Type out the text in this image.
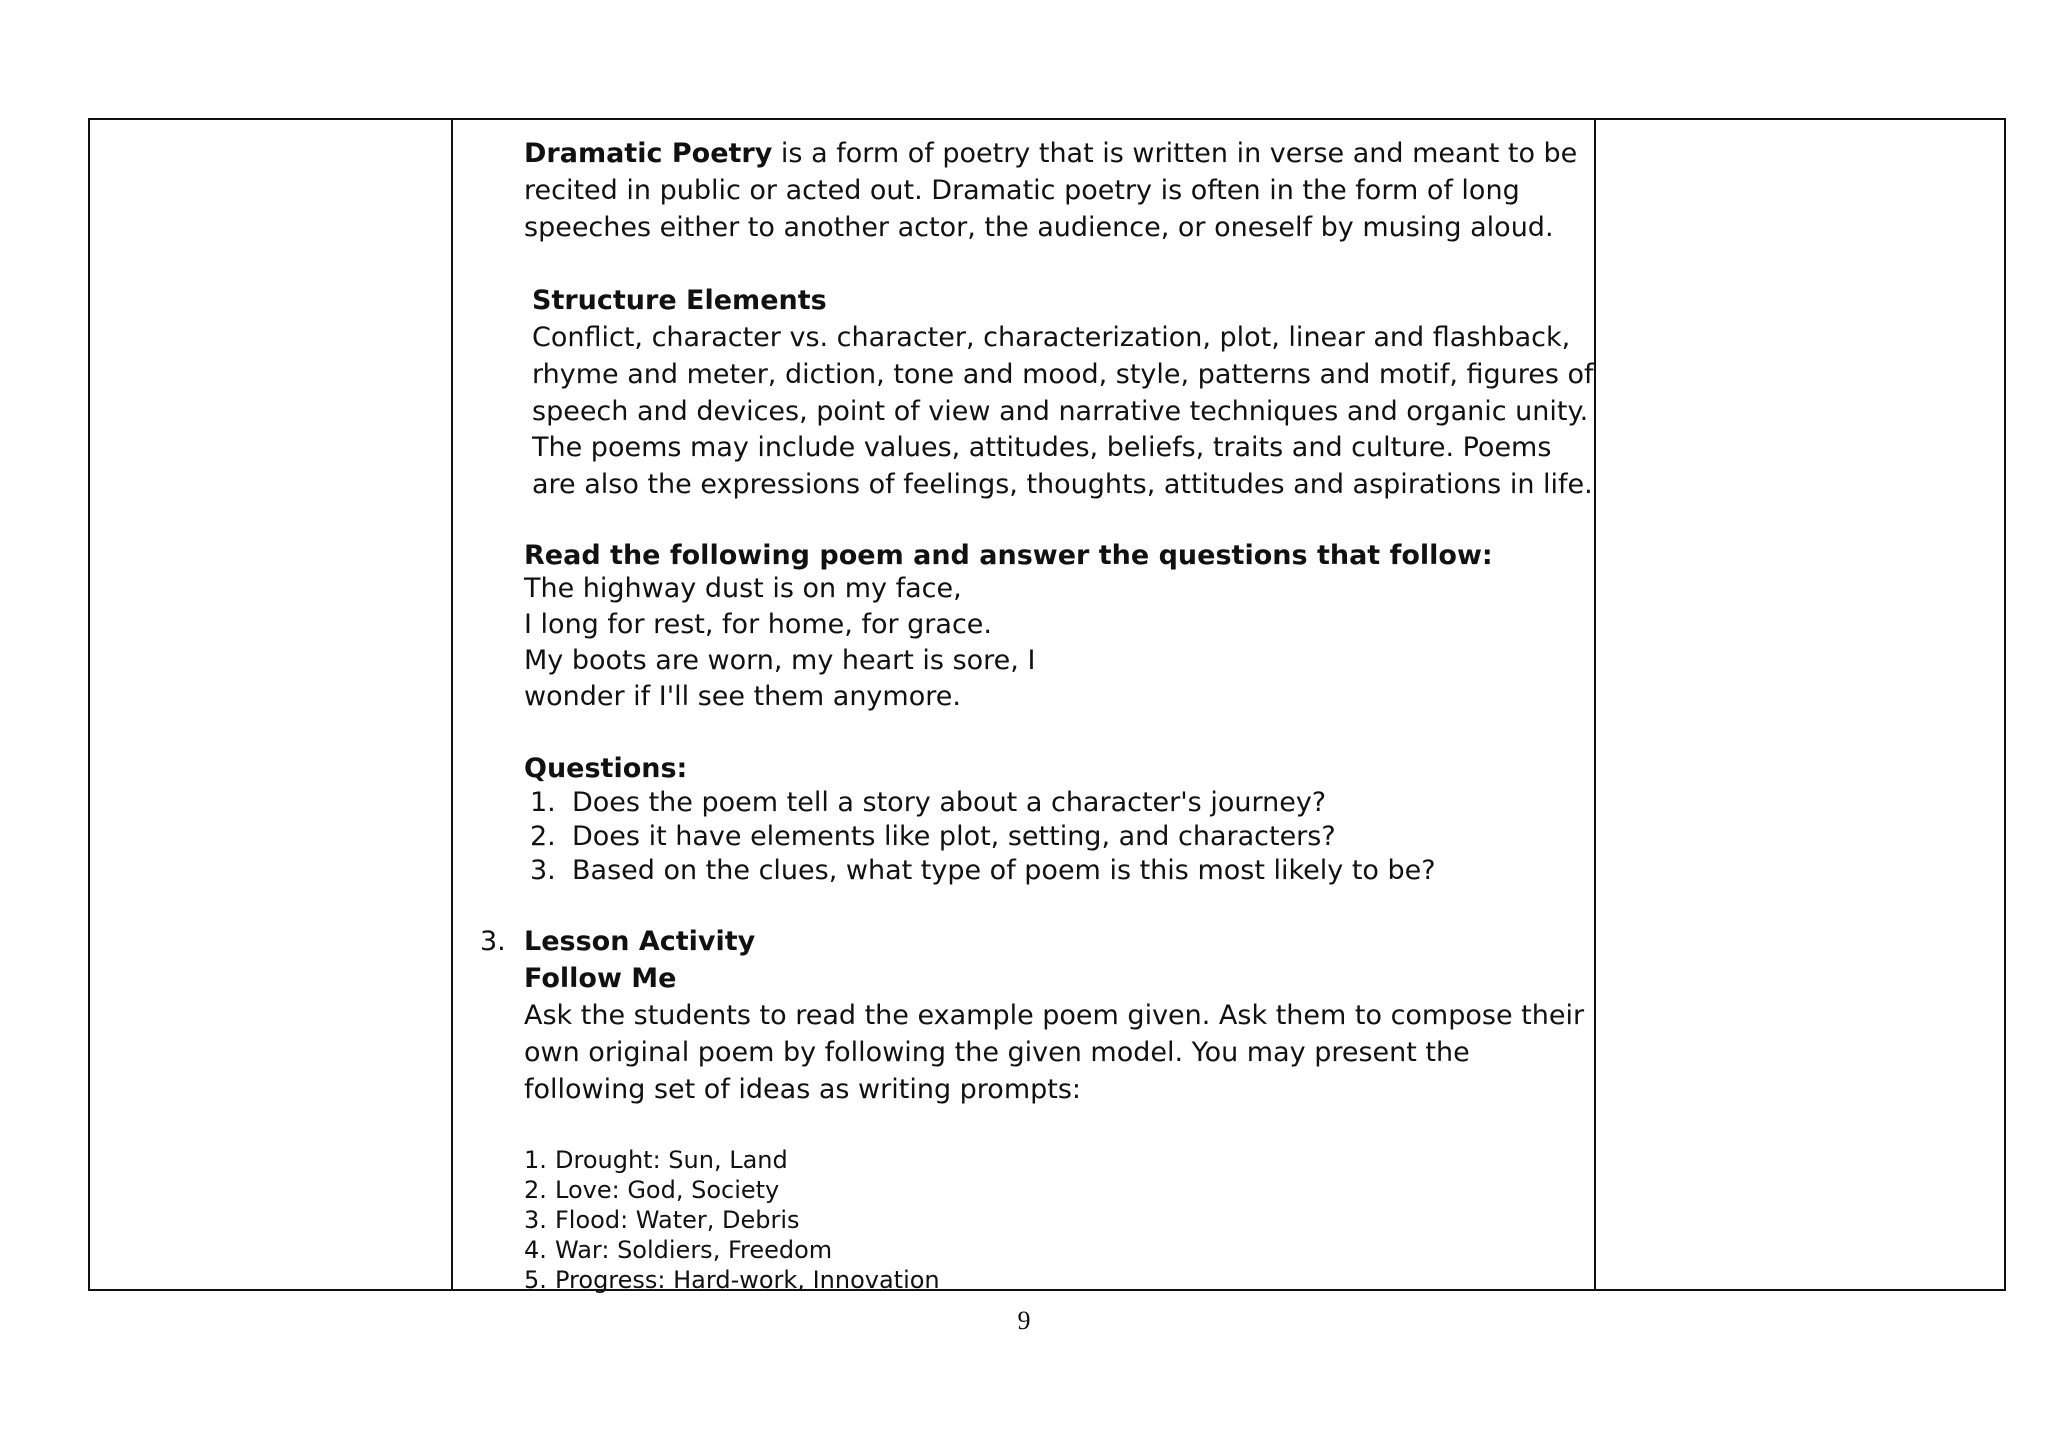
Dramatic Poetry is a form of poetry that is written in verse and meant to be recited in public or acted out. Dramatic poetry is often in the form of long speeches either to another actor, the audience, or oneself by musing aloud.

Structure Elements

Conflict, character vs. character, characterization, plot, linear and flashback, rhyme and meter, diction, tone and mood, style, patterns and motif, figures of speech and devices, point of view and narrative techniques and organic unity. The poems may include values, attitudes, beliefs, traits and culture. Poems are also the expressions of feelings, thoughts, attitudes and aspirations in life.

Read the following poem and answer the questions that follow:

The highway dust is on my face,

I long for rest, for home, for grace.

My boots are worn, my heart is sore, I

wonder if I'll see them anymore.

Questions:

1. Does the poem tell a story about a character's journey?
2. Does it have elements like plot, setting, and characters?
3. Based on the clues, what type of poem is this most likely to be?
3. Lesson Activity

Follow Me

Ask the students to read the example poem given. Ask them to compose their own original poem by following the given model. You may present the following set of ideas as writing prompts:

1. Drought: Sun, Land
2. Love: God, Society
3. Flood: Water, Debris
4. War: Soldiers, Freedom
5. Progress: Hard-work, Innovation
9
